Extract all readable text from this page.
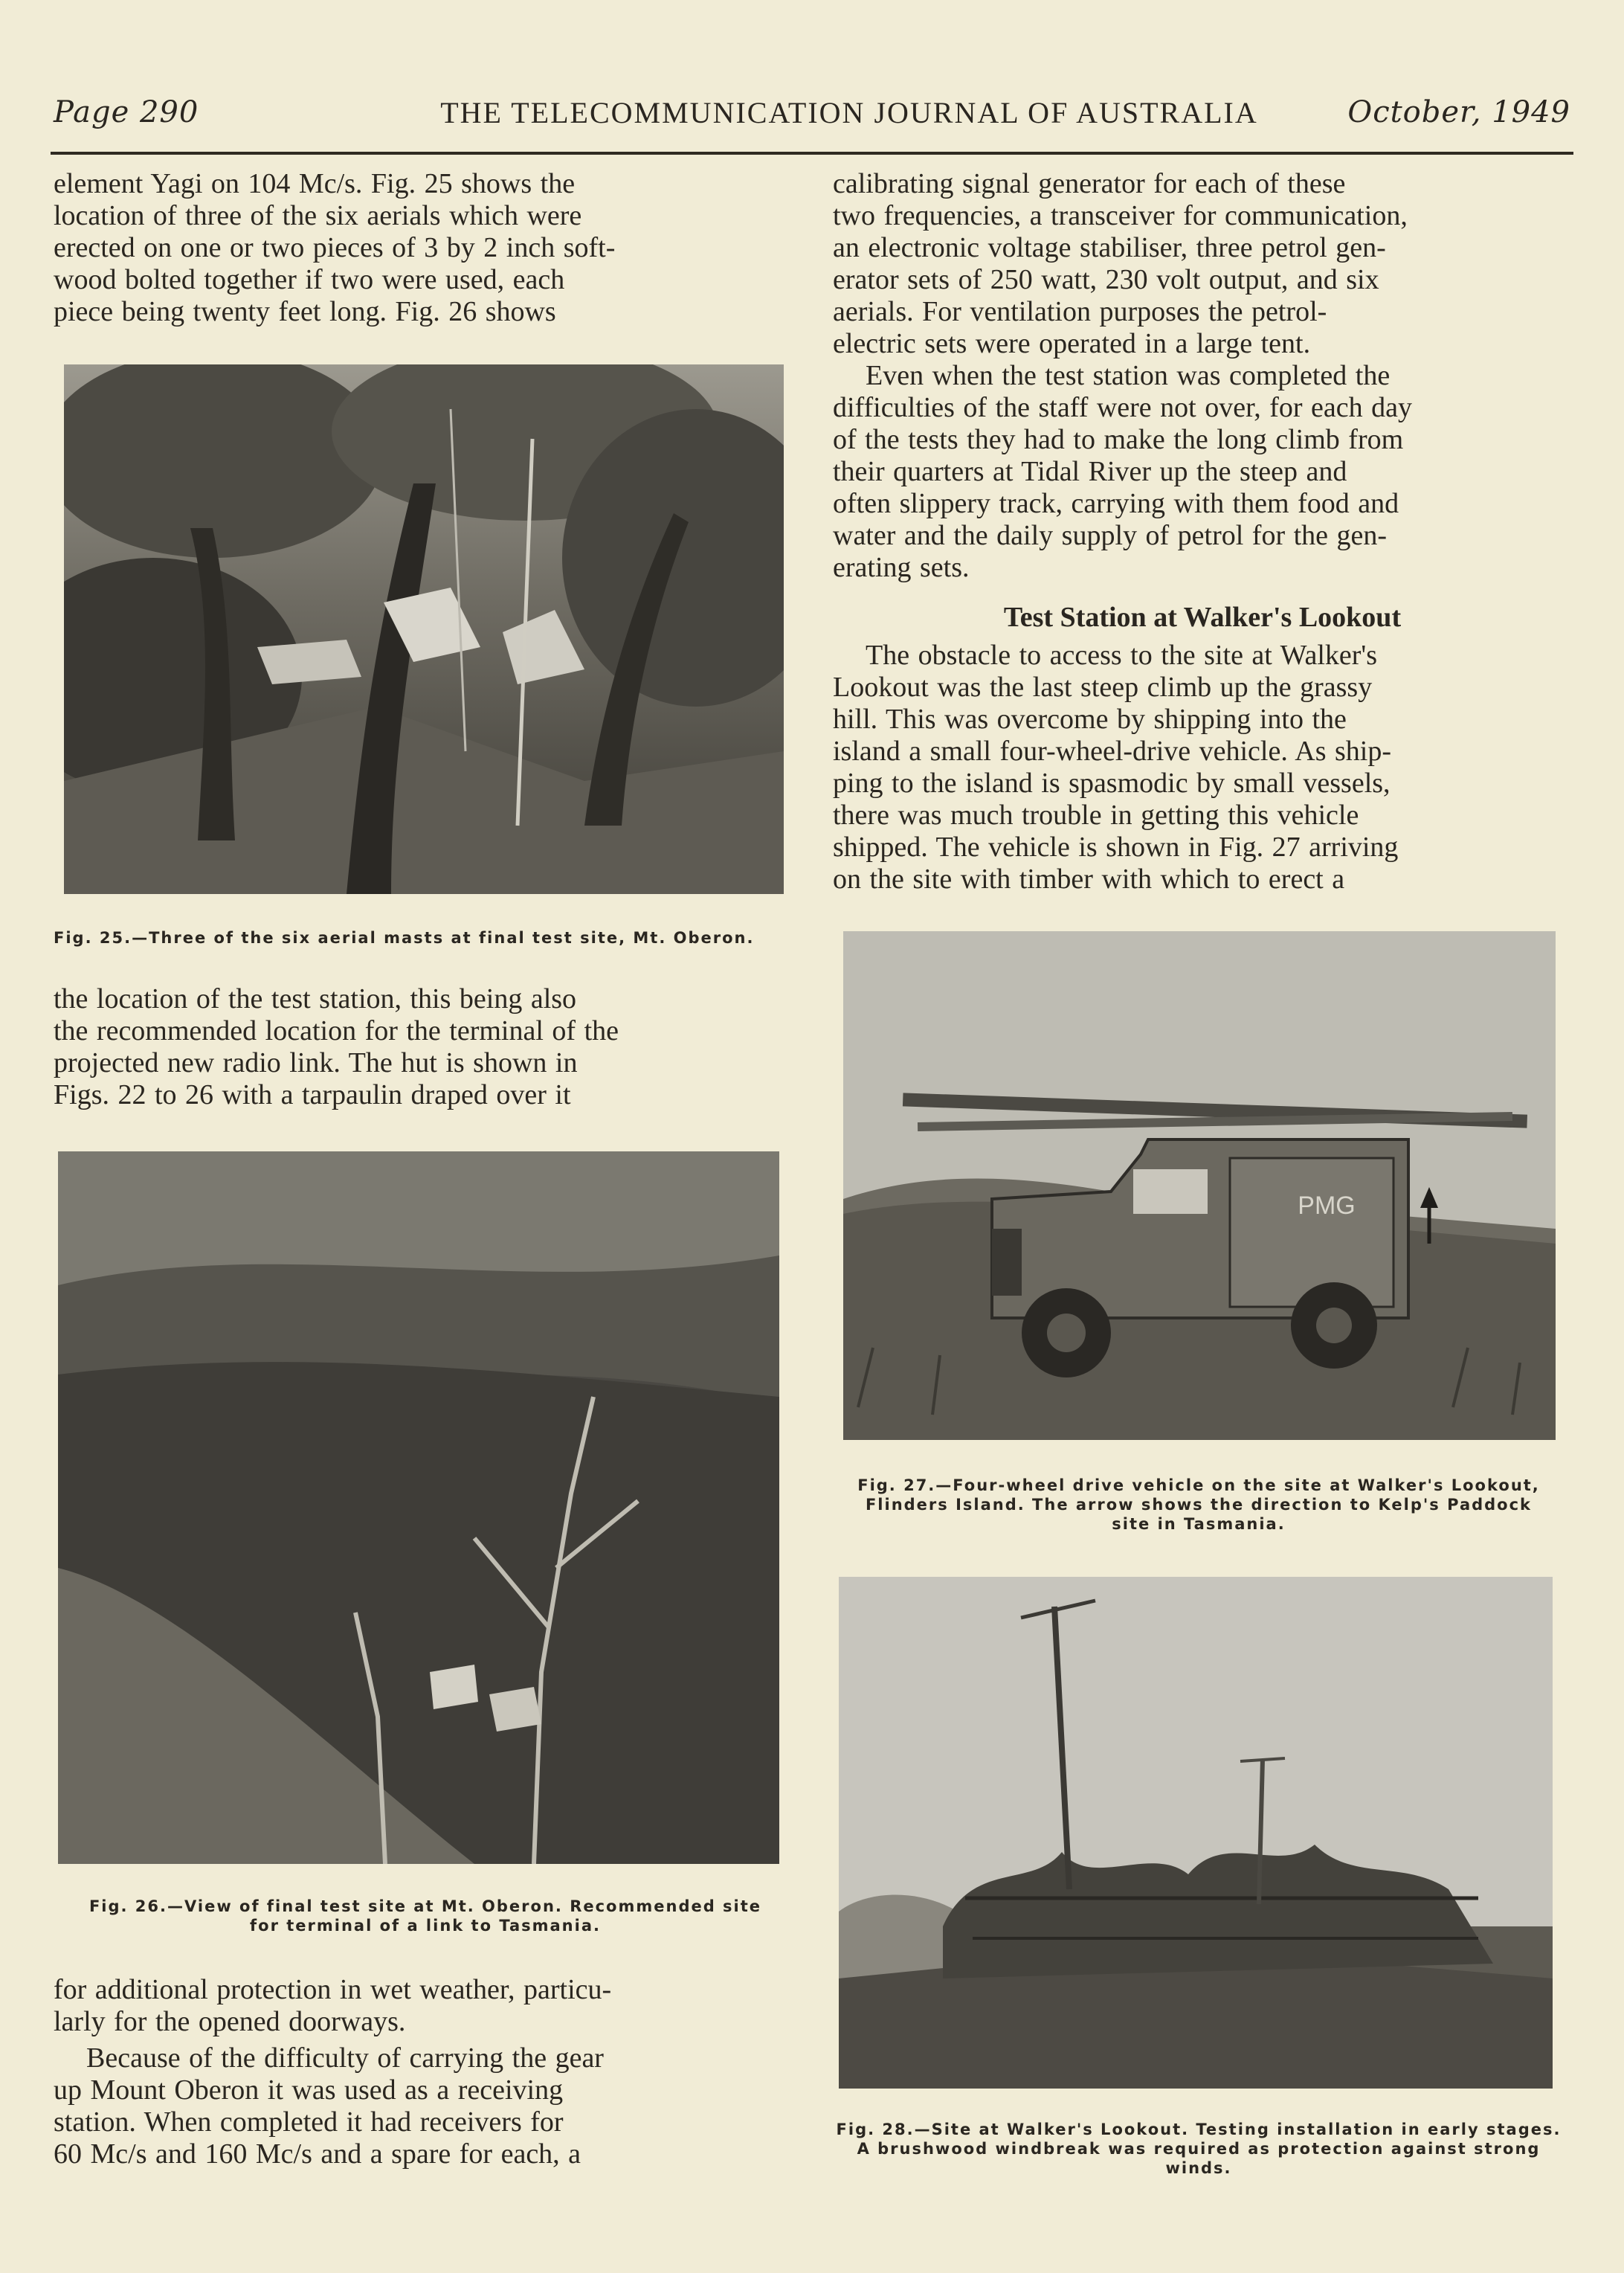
Page 290	THE TELECOMMUNICATION JOURNAL OF AUSTRALIA	October, 1949

element Yagi on 104 Mc/s. Fig. 25 shows the
location of three of the six aerials which were
erected on one or two pieces of 3 by 2 inch soft-
wood bolted together if two were used, each
piece being twenty feet long. Fig. 26 shows

Fig. 25.—Three of the six aerial masts at final test site, Mt. Oberon.

the location of the test station, this being also
the recommended location for the terminal of the
projected new radio link. The hut is shown in
Figs. 22 to 26 with a tarpaulin draped over it

Fig. 26.—View of final test site at Mt. Oberon. Recommended site
for terminal of a link to Tasmania.

for additional protection in wet weather, particu-
larly for the opened doorways.

Because of the difficulty of carrying the gear
up Mount Oberon it was used as a receiving
station. When completed it had receivers for
60 Mc/s and 160 Mc/s and a spare for each, a

calibrating signal generator for each of these
two frequencies, a transceiver for communication,
an electronic voltage stabiliser, three petrol gen-
erator sets of 250 watt, 230 volt output, and six
aerials. For ventilation purposes the petrol-
electric sets were operated in a large tent.

Even when the test station was completed the
difficulties of the staff were not over, for each day
of the tests they had to make the long climb from
their quarters at Tidal River up the steep and
often slippery track, carrying with them food and
water and the daily supply of petrol for the gen-
erating sets.

Test Station at Walker's Lookout

The obstacle to access to the site at Walker's
Lookout was the last steep climb up the grassy
hill. This was overcome by shipping into the
island a small four-wheel-drive vehicle. As ship-
ping to the island is spasmodic by small vessels,
there was much trouble in getting this vehicle
shipped. The vehicle is shown in Fig. 27 arriving
on the site with timber with which to erect a

PMG

Fig. 27.—Four-wheel drive vehicle on the site at Walker's Lookout,
Flinders Island. The arrow shows the direction to Kelp's Paddock
site in Tasmania.

Fig. 28.—Site at Walker's Lookout. Testing installation in early stages.
A brushwood windbreak was required as protection against strong
winds.
